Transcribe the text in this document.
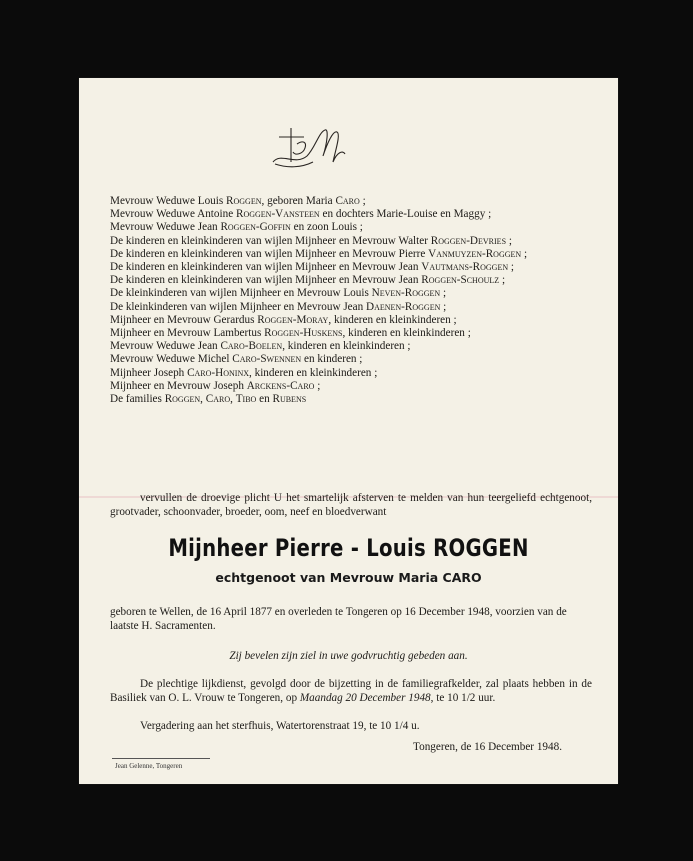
Mevrouw Weduwe Louis Roggen, geboren Maria Caro ;

Mevrouw Weduwe Antoine Roggen-Vansteen en dochters Marie-Louise en Maggy ;

Mevrouw Weduwe Jean Roggen-Goffin en zoon Louis ;

De kinderen en kleinkinderen van wijlen Mijnheer en Mevrouw Walter Roggen-Devries ;

De kinderen en kleinkinderen van wijlen Mijnheer en Mevrouw Pierre Vanmuyzen-Roggen ;

De kinderen en kleinkinderen van wijlen Mijnheer en Mevrouw Jean Vautmans-Roggen ;

De kinderen en kleinkinderen van wijlen Mijnheer en Mevrouw Jean Roggen-Schoulz ;

De kleinkinderen van wijlen Mijnheer en Mevrouw Louis Neven-Roggen ;

De kleinkinderen van wijlen Mijnheer en Mevrouw Jean Daenen-Roggen ;

Mijnheer en Mevrouw Gerardus Roggen-Moray, kinderen en kleinkinderen ;

Mijnheer en Mevrouw Lambertus Roggen-Huskens, kinderen en kleinkinderen ;

Mevrouw Weduwe Jean Caro-Boelen, kinderen en kleinkinderen ;

Mevrouw Weduwe Michel Caro-Swennen en kinderen ;

Mijnheer Joseph Caro-Honinx, kinderen en kleinkinderen ;

Mijnheer en Mevrouw Joseph Arckens-Caro ;

De families Roggen, Caro, Tibo en Rubens

vervullen de droevige plicht U het smartelijk afsterven te melden van hun teergeliefd echtgenoot, grootvader, schoonvader, broeder, oom, neef en bloedverwant

Mijnheer Pierre - Louis ROGGEN
echtgenoot van Mevrouw Maria CARO

geboren te Wellen, de 16 April 1877 en overleden te Tongeren op 16 December 1948, voorzien van de laatste H. Sacramenten.

Zij bevelen zijn ziel in uwe godvruchtig gebeden aan.

De plechtige lijkdienst, gevolgd door de bijzetting in de familiegrafkelder, zal plaats hebben in de Basiliek van O. L. Vrouw te Tongeren, op Maandag 20 December 1948, te 10 1/2 uur.

Vergadering aan het sterfhuis, Watertorenstraat 19, te 10 1/4 u.
Tongeren, de 16 December 1948.
Jean Gelenne, Tongeren
